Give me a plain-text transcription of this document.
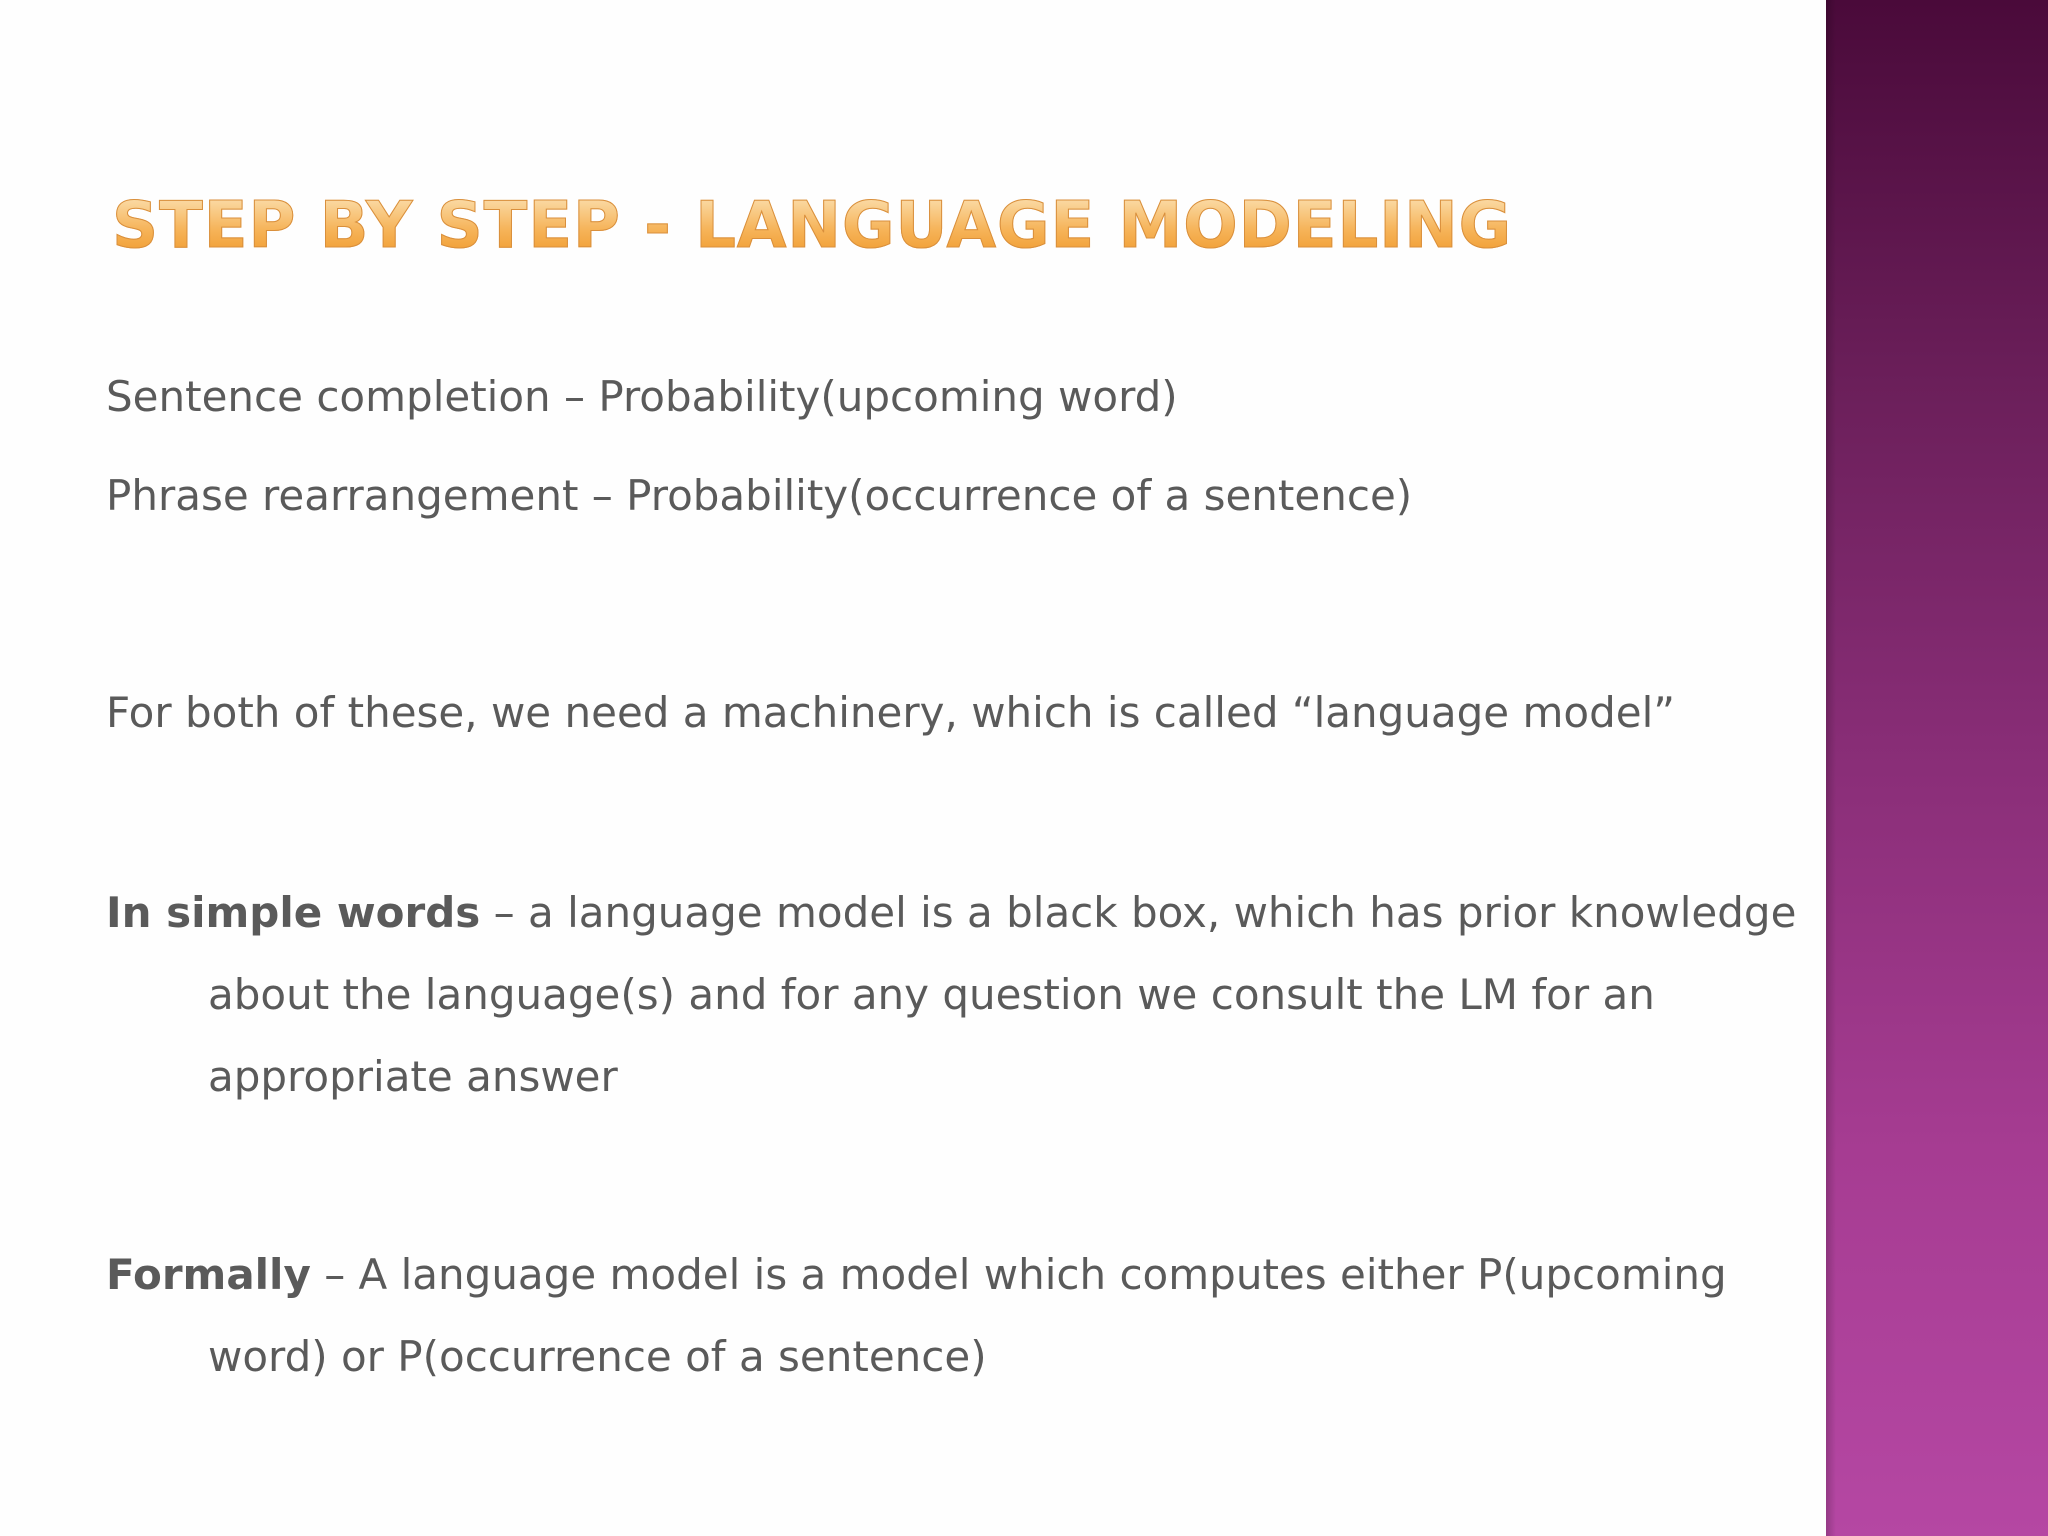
STEP BY STEP - LANGUAGE MODELING

Sentence completion – Probability(upcoming word)

Phrase rearrangement – Probability(occurrence of a sentence)

For both of these, we need a machinery, which is called “language model”

In simple words – a language model is a black box, which has prior knowledge about the language(s) and for any question we consult the LM for an appropriate answer

Formally – A language model is a model which computes either P(upcoming word) or P(occurrence of a sentence)
